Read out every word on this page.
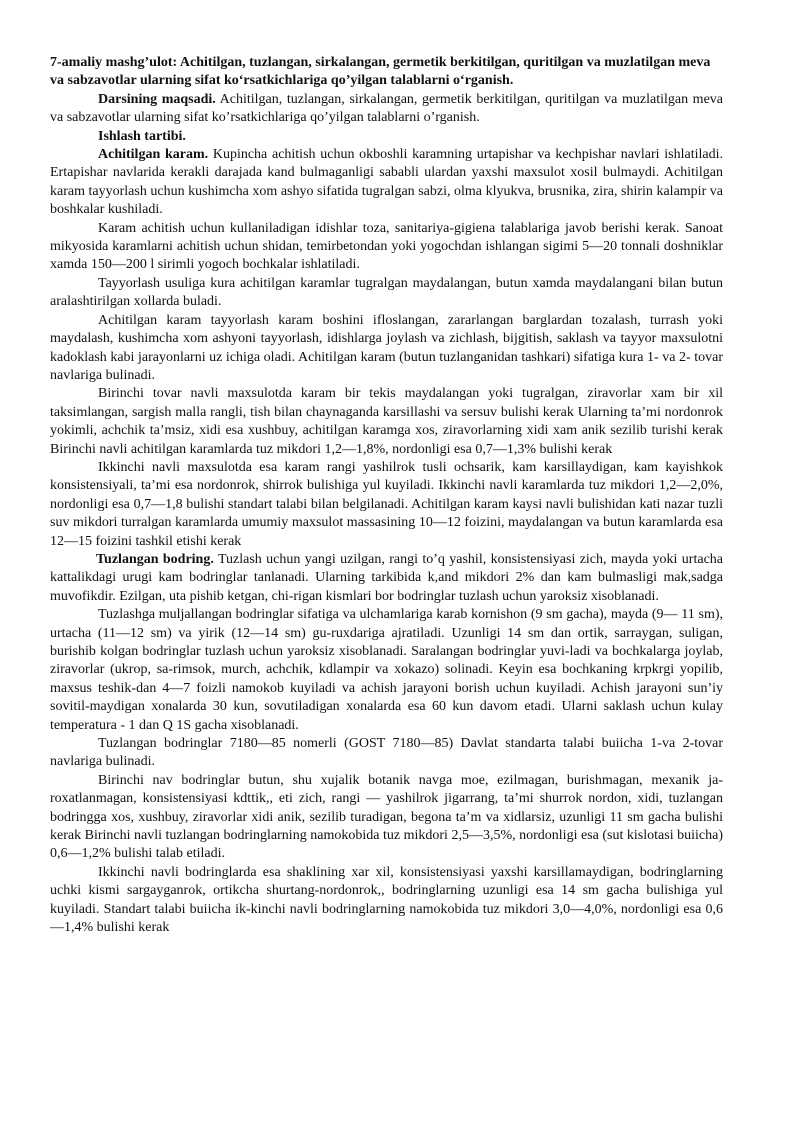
7-amaliy mashg’ulot: Achitilgan, tuzlangan, sirkalangan, germetik berkitilgan, quritilgan va muzlatilgan meva va sabzavotlar ularning sifat ko‘rsatkichlariga qo’yilgan talablarni o‘rganish.

Darsining maqsadi. Achitilgan, tuzlangan, sirkalangan, germetik berkitilgan, quritilgan va muzlatilgan meva va sabzavotlar ularning sifat ko’rsatkichlariga qo’yilgan talablarni o’rganish.

Ishlash tartibi.

Achitilgan karam. Kupincha achitish uchun okboshli karamning urtapishar va kechpishar navlari ishlatiladi. Ertapishar navlarida kerakli darajada kand bulmaganligi sababli ulardan yaxshi maxsulot xosil bulmaydi. Achitilgan karam tayyorlash uchun kushimcha xom ashyo sifatida tugralgan sabzi, olma klyukva, brusnika, zira, shirin kalampir va boshkalar kushiladi.

Karam achitish uchun kullaniladigan idishlar toza, sanitariya-gigiena talablariga javob berishi kerak. Sanoat mikyosida karamlarni achitish uchun shidan, temirbetondan yoki yogochdan ishlangan sigimi 5—20 tonnali doshniklar xamda 150—200 l sirimli yogoch bochkalar ishlatiladi.

Tayyorlash usuliga kura achitilgan karamlar tugralgan maydalangan, butun xamda maydalangani bilan butun aralashtirilgan xollarda buladi.

Achitilgan karam tayyorlash karam boshini ifloslangan, zararlangan barglardan tozalash, turrash yoki maydalash, kushimcha xom ashyoni tayyorlash, idishlarga joylash va zichlash, bijgitish, saklash va tayyor maxsulotni kadoklash kabi jarayonlarni uz ichiga oladi. Achitilgan karam (butun tuzlanganidan tashkari) sifatiga kura 1- va 2- tovar navlariga bulinadi.

Birinchi tovar navli maxsulotda karam bir tekis maydalangan yoki tugralgan, ziravorlar xam bir xil taksimlangan, sargish malla rangli, tish bilan chaynaganda karsillashi va sersuv bulishi kerak Ularning ta’mi nordonrok yokimli, achchik ta’msiz, xidi esa xushbuy, achitilgan karamga xos, ziravorlarning xidi xam anik sezilib turishi kerak Birinchi navli achitilgan karamlarda tuz mikdori 1,2—1,8%, nordonligi esa 0,7—1,3% bulishi kerak

Ikkinchi navli maxsulotda esa karam rangi yashilrok tusli ochsarik, kam karsillaydigan, kam kayishkok konsistensiyali, ta’mi esa nordonrok, shirrok bulishiga yul kuyiladi. Ikkinchi navli karamlarda tuz mikdori 1,2—2,0%, nordonligi esa 0,7—1,8 bulishi standart talabi bilan belgilanadi. Achitilgan karam kaysi navli bulishidan kati nazar tuzli suv mikdori turralgan karamlarda umumiy maxsulot massasining 10—12 foizini, maydalangan va butun karamlarda esa 12—15 foizini tashkil etishi kerak

Tuzlangan bodring. Tuzlash uchun yangi uzilgan, rangi to’q yashil, konsistensiyasi zich, mayda yoki urtacha kattalikdagi urugi kam bodringlar tanlanadi. Ularning tarkibida k,and mikdori 2% dan kam bulmasligi mak,sadga muvofikdir. Ezilgan, uta pishib ketgan, chi-rigan kismlari bor bodringlar tuzlash uchun yaroksiz xisoblanadi.

Tuzlashga muljallangan bodringlar sifatiga va ulchamlariga karab kornishon (9 sm gacha), mayda (9— 11 sm), urtacha (11—12 sm) va yirik (12—14 sm) gu-ruxdariga ajratiladi. Uzunligi 14 sm dan ortik, sarraygan, suligan, burishib kolgan bodringlar tuzlash uchun yaroksiz xisoblanadi. Saralangan bodringlar yuvi-ladi va bochkalarga joylab, ziravorlar (ukrop, sa-rimsok, murch, achchik, kdlampir va xokazo) solinadi. Keyin esa bochkaning krpkrgi yopilib, maxsus teshik-dan 4—7 foizli namokob kuyiladi va achish jarayoni borish uchun kuyiladi. Achish jarayoni sun’iy sovitil-maydigan xonalarda 30 kun, sovutiladigan xonalarda esa 60 kun davom etadi. Ularni saklash uchun kulay temperatura - 1 dan Q 1S gacha xisoblanadi.

Tuzlangan bodringlar 7180—85 nomerli (GOST 7180—85) Davlat standarta talabi buiicha 1-va 2-tovar navlariga bulinadi.

Birinchi nav bodringlar butun, shu xujalik botanik navga moe, ezilmagan, burishmagan, mexanik ja-roxatlanmagan, konsistensiyasi kdttik,, eti zich, rangi — yashilrok jigarrang, ta’mi shurrok nordon, xidi, tuzlangan bodringga xos, xushbuy, ziravorlar xidi anik, sezilib turadigan, begona ta’m va xidlarsiz, uzunligi 11 sm gacha bulishi kerak Birinchi navli tuzlangan bodringlarning namokobida tuz mikdori 2,5—3,5%, nordonligi esa (sut kislotasi buiicha) 0,6—1,2% bulishi talab etiladi.

Ikkinchi navli bodringlarda esa shaklining xar xil, konsistensiyasi yaxshi karsillamaydigan, bodringlarning uchki kismi sargayganrok, ortikcha shurtang-nordonrok,, bodringlarning uzunligi esa 14 sm gacha bulishiga yul kuyiladi. Standart talabi buiicha ik-kinchi navli bodringlarning namokobida tuz mikdori 3,0—4,0%, nordonligi esa 0,6—1,4% bulishi kerak
